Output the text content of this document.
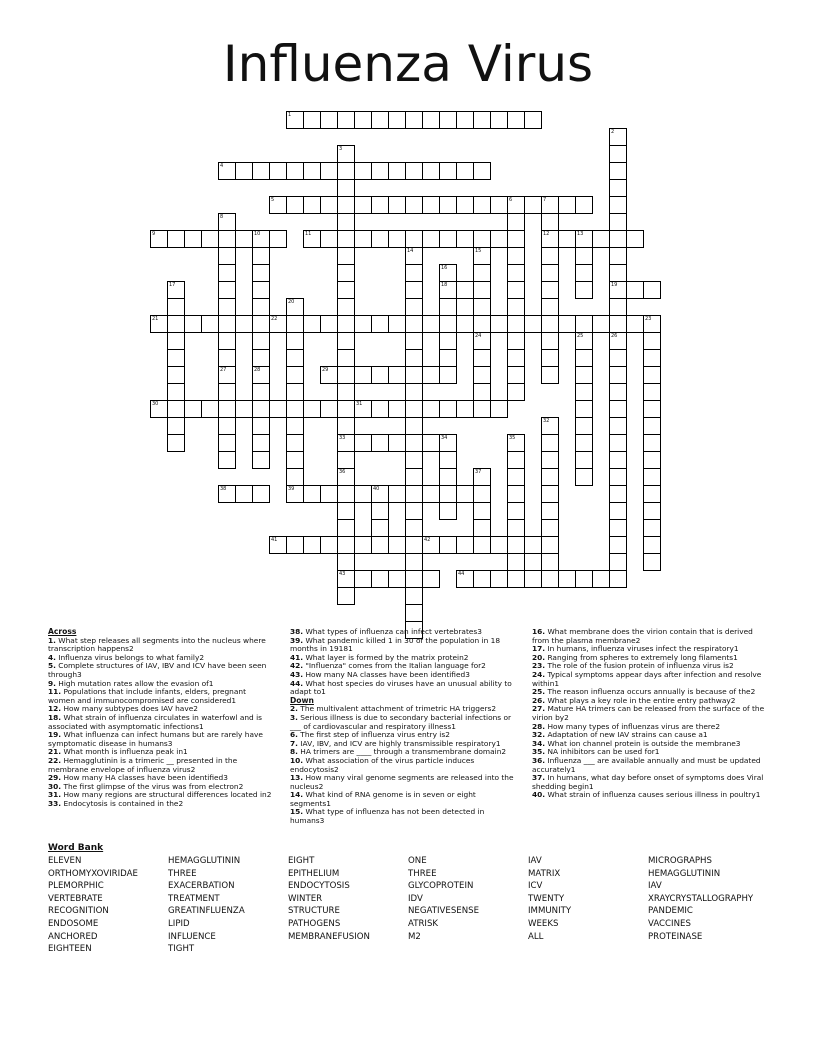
Influenza Virus
1
2
3
4
5	6	7
8
9	10	11	12	13
14	15
16
17	18	19
20
21	22	23
24	25	26
27	28	29
30	31
32
33	34	35
36	37
38	39	40
41	42
43	44
Across
1. What step releases all segments into the nucleus where transcription happens2
4. Influenza virus belongs to what family2
5. Complete structures of IAV, IBV and ICV have been seen through3
9. High mutation rates allow the evasion of1
11. Populations that include infants, elders, pregnant women and immunocompromised are considered1
12. How many subtypes does IAV have2
18. What strain of influenza circulates in waterfowl and is associated with asymptomatic infections1
19. What influenza can infect humans but are rarely have symptomatic disease in humans3
21. What month is influenza peak in1
22. Hemagglutinin is a trimeric __ presented in the membrane envelope of influenza virus2
29. How many HA classes have been identified3
30. The first glimpse of the virus was from electron2
31. How many regions are structural differences located in2
33. Endocytosis is contained in the2
38. What types of influenza can infect vertebrates3
39. What pandemic killed 1 in 30 of the population in 18 months in 19181
41. What layer is formed by the matrix protein2
42. "Influenza" comes from the Italian language for2
43. How many NA classes have been identified3
44. What host species do viruses have an unusual ability to adapt to1
Down
2. The multivalent attachment of trimetric HA triggers2
3. Serious illness is due to secondary bacterial infections or ___ of cardiovascular and respiratory illness1
6. The first step of influenza virus entry is2
7. IAV, IBV, and ICV are highly transmissible respiratory1
8. HA trimers are ____ through a transmembrane domain2
10. What association of the virus particle induces endocytosis2
13. How many viral genome segments are released into the nucleus2
14. What kind of RNA genome is in seven or eight segments1
15. What type of influenza has not been detected in humans3
16. What membrane does the virion contain that is derived from the plasma membrane2
17. In humans, influenza viruses infect the respiratory1
20. Ranging from spheres to extremely long filaments1
23. The role of the fusion protein of influenza virus is2
24. Typical symptoms appear days after infection and resolve within1
25. The reason influenza occurs annually is because of the2
26. What plays a key role in the entire entry pathway2
27. Mature HA trimers can be released from the surface of the virion by2
28. How many types of influenzas virus are there2
32. Adaptation of new IAV strains can cause a1
34. What ion channel protein is outside the membrane3
35. NA inhibitors can be used for1
36. Influenza ___ are available annually and must be updated accurately1
37. In humans, what day before onset of symptoms does Viral shedding begin1
40. What strain of influenza causes serious illness in poultry1
Word Bank
ELEVEN
ORTHOMYXOVIRIDAE
PLEMORPHIC
VERTEBRATE
RECOGNITION
ENDOSOME
ANCHORED
EIGHTEEN
HEMAGGLUTININ
THREE
EXACERBATION
TREATMENT
GREATINFLUENZA
LIPID
INFLUENCE
TIGHT
EIGHT
EPITHELIUM
ENDOCYTOSIS
WINTER
STRUCTURE
PATHOGENS
MEMBRANEFUSION
ONE
THREE
GLYCOPROTEIN
IDV
NEGATIVESENSE
ATRISK
M2
IAV
MATRIX
ICV
TWENTY
IMMUNITY
WEEKS
ALL
MICROGRAPHS
HEMAGGLUTININ
IAV
XRAYCRYSTALLOGRAPHY
PANDEMIC
VACCINES
PROTEINASE
